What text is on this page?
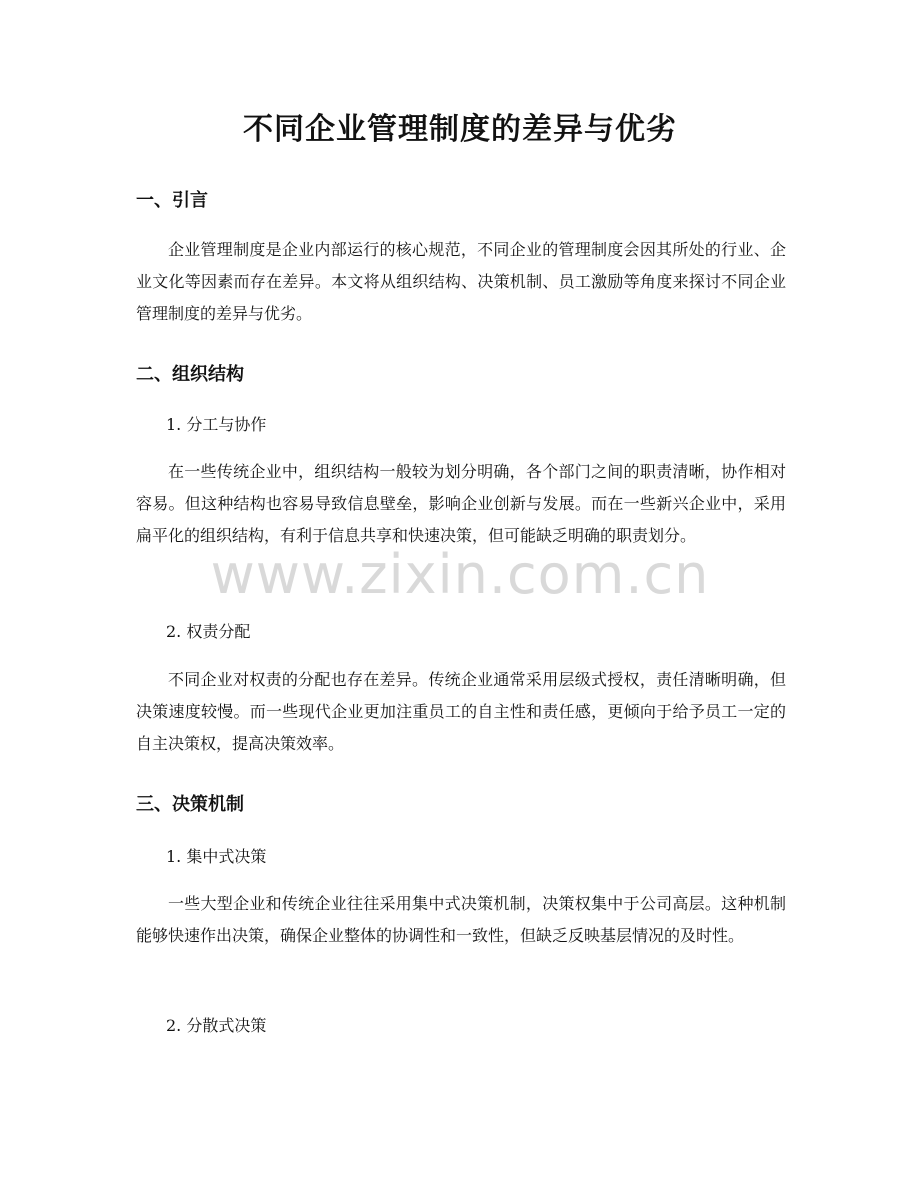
不同企业管理制度的差异与优劣
一、引言

企业管理制度是企业内部运行的核心规范，不同企业的管理制度会因其所处的行业、企业文化等因素而存在差异。本文将从组织结构、决策机制、员工激励等角度来探讨不同企业管理制度的差异与优劣。

二、组织结构

1. 分工与协作

在一些传统企业中，组织结构一般较为划分明确，各个部门之间的职责清晰，协作相对容易。但这种结构也容易导致信息壁垒，影响企业创新与发展。而在一些新兴企业中，采用扁平化的组织结构，有利于信息共享和快速决策，但可能缺乏明确的职责划分。

2. 权责分配

不同企业对权责的分配也存在差异。传统企业通常采用层级式授权，责任清晰明确，但决策速度较慢。而一些现代企业更加注重员工的自主性和责任感，更倾向于给予员工一定的自主决策权，提高决策效率。

三、决策机制

1. 集中式决策

一些大型企业和传统企业往往采用集中式决策机制，决策权集中于公司高层。这种机制能够快速作出决策，确保企业整体的协调性和一致性，但缺乏反映基层情况的及时性。

2. 分散式决策

www.zixin.com.cn
